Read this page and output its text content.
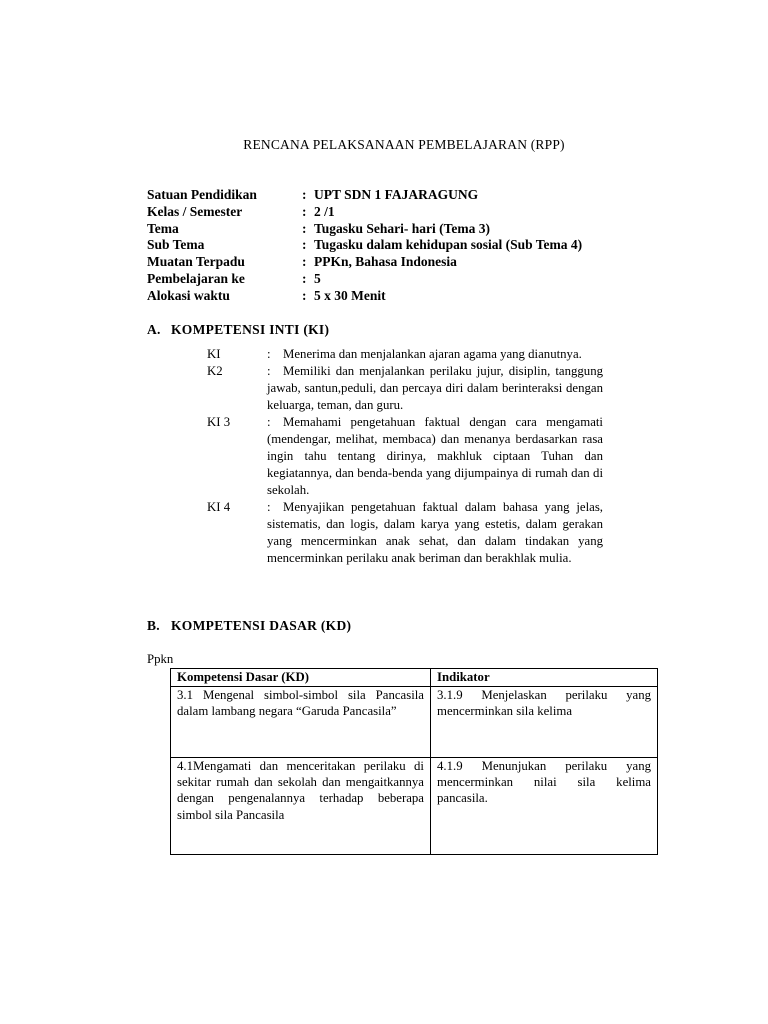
RENCANA PELAKSANAAN PEMBELAJARAN (RPP)
Satuan Pendidikan	: UPT SDN 1 FAJARAGUNG
Kelas / Semester	: 2 /1
Tema	: Tugasku Sehari- hari (Tema 3)
Sub Tema	: Tugasku dalam kehidupan sosial (Sub Tema 4)
Muatan Terpadu	: PPKn, Bahasa Indonesia
Pembelajaran ke	: 5
Alokasi waktu	: 5 x 30 Menit
A. KOMPETENSI INTI (KI)
KI	: Menerima dan menjalankan ajaran agama yang dianutnya.
K2	: Memiliki dan menjalankan perilaku jujur, disiplin, tanggung jawab, santun,peduli, dan percaya diri dalam berinteraksi dengan keluarga, teman, dan guru.
KI 3	: Memahami pengetahuan faktual dengan cara mengamati (mendengar, melihat, membaca) dan menanya berdasarkan rasa ingin tahu tentang dirinya, makhluk ciptaan Tuhan dan kegiatannya, dan benda-benda yang dijumpainya di rumah dan di sekolah.
KI 4	: Menyajikan pengetahuan faktual dalam bahasa yang jelas, sistematis, dan logis, dalam karya yang estetis, dalam gerakan yang mencerminkan anak sehat, dan dalam tindakan yang mencerminkan perilaku anak beriman dan berakhlak mulia.
B. KOMPETENSI DASAR (KD)
Ppkn
Kompetensi Dasar (KD)	Indikator

3.1 Mengenal simbol-simbol sila Pancasila dalam lambang negara “Garuda Pancasila”	3.1.9 Menjelaskan perilaku yang mencerminkan sila kelima

4.1Mengamati dan menceritakan perilaku di sekitar rumah dan sekolah dan mengaitkannya dengan pengenalannya terhadap beberapa simbol sila Pancasila	4.1.9 Menunjukan perilaku yang mencerminkan nilai sila kelima pancasila.
